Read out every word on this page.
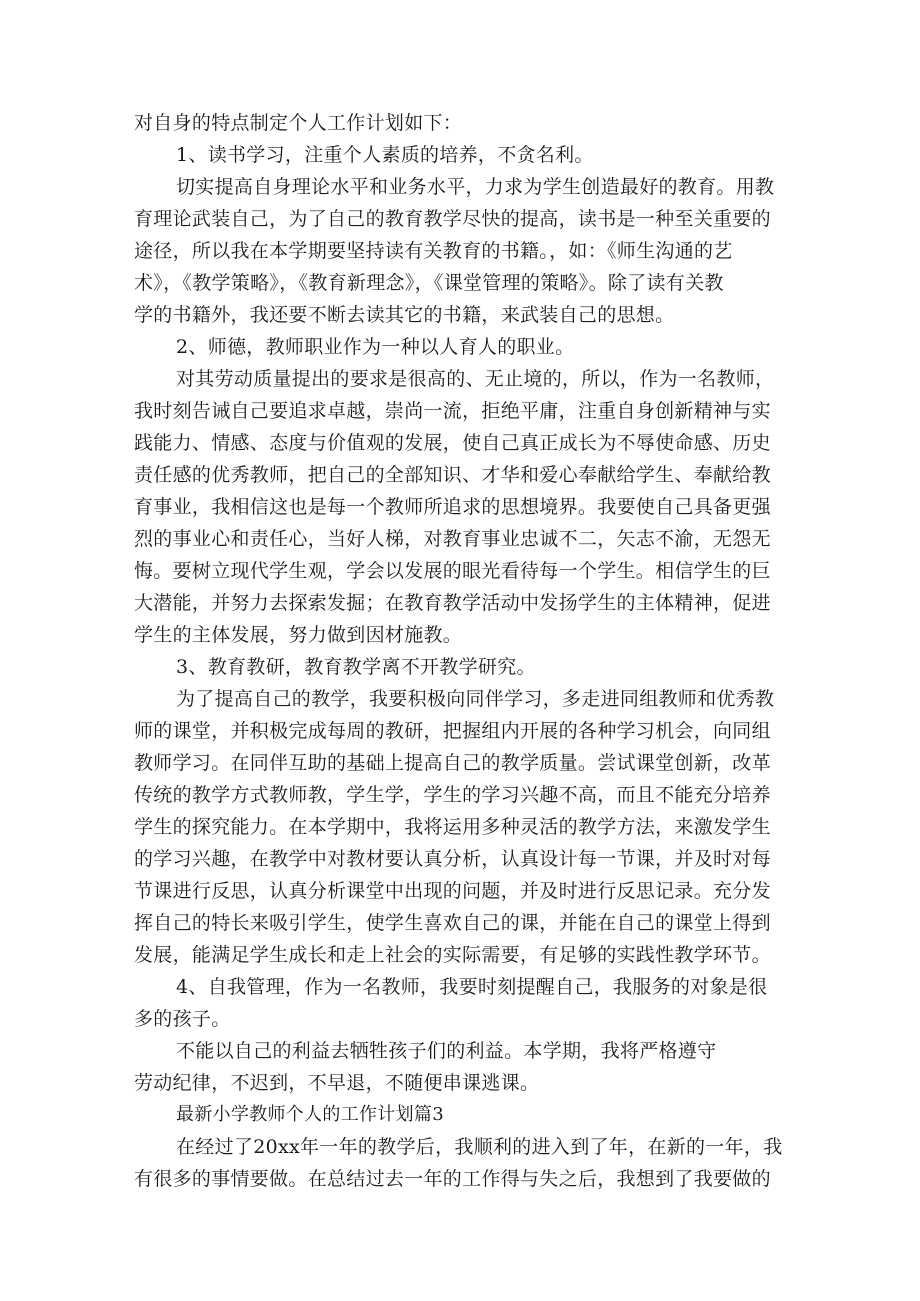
对自身的特点制定个人工作计划如下：
1、读书学习，注重个人素质的培养，不贪名利。
切实提高自身理论水平和业务水平，力求为学生创造最好的教育。用教
育理论武装自己，为了自己的教育教学尽快的提高，读书是一种至关重要的
途径，所以我在本学期要坚持读有关教育的书籍。，如：《师生沟通的艺
术》，《教学策略》，《教育新理念》，《课堂管理的策略》。除了读有关教
学的书籍外，我还要不断去读其它的书籍，来武装自己的思想。
2、师德，教师职业作为一种以人育人的职业。
对其劳动质量提出的要求是很高的、无止境的，所以，作为一名教师，
我时刻告诫自己要追求卓越，崇尚一流，拒绝平庸，注重自身创新精神与实
践能力、情感、态度与价值观的发展，使自己真正成长为不辱使命感、历史
责任感的优秀教师，把自己的全部知识、才华和爱心奉献给学生、奉献给教
育事业，我相信这也是每一个教师所追求的思想境界。我要使自己具备更强
烈的事业心和责任心，当好人梯，对教育事业忠诚不二，矢志不渝，无怨无
悔。要树立现代学生观，学会以发展的眼光看待每一个学生。相信学生的巨
大潜能，并努力去探索发掘；在教育教学活动中发扬学生的主体精神，促进
学生的主体发展，努力做到因材施教。
3、教育教研，教育教学离不开教学研究。
为了提高自己的教学，我要积极向同伴学习，多走进同组教师和优秀教
师的课堂，并积极完成每周的教研，把握组内开展的各种学习机会，向同组
教师学习。在同伴互助的基础上提高自己的教学质量。尝试课堂创新，改革
传统的教学方式教师教，学生学，学生的学习兴趣不高，而且不能充分培养
学生的探究能力。在本学期中，我将运用多种灵活的教学方法，来激发学生
的学习兴趣，在教学中对教材要认真分析，认真设计每一节课，并及时对每
节课进行反思，认真分析课堂中出现的问题，并及时进行反思记录。充分发
挥自己的特长来吸引学生，使学生喜欢自己的课，并能在自己的课堂上得到
发展，能满足学生成长和走上社会的实际需要，有足够的实践性教学环节。
4、自我管理，作为一名教师，我要时刻提醒自己，我服务的对象是很
多的孩子。
不能以自己的利益去牺牲孩子们的利益。本学期，我将严格遵守
劳动纪律，不迟到，不早退，不随便串课逃课。
最新小学教师个人的工作计划篇3
在经过了20xx年一年的教学后，我顺利的进入到了年，在新的一年，我
有很多的事情要做。在总结过去一年的工作得与失之后，我想到了我要做的
